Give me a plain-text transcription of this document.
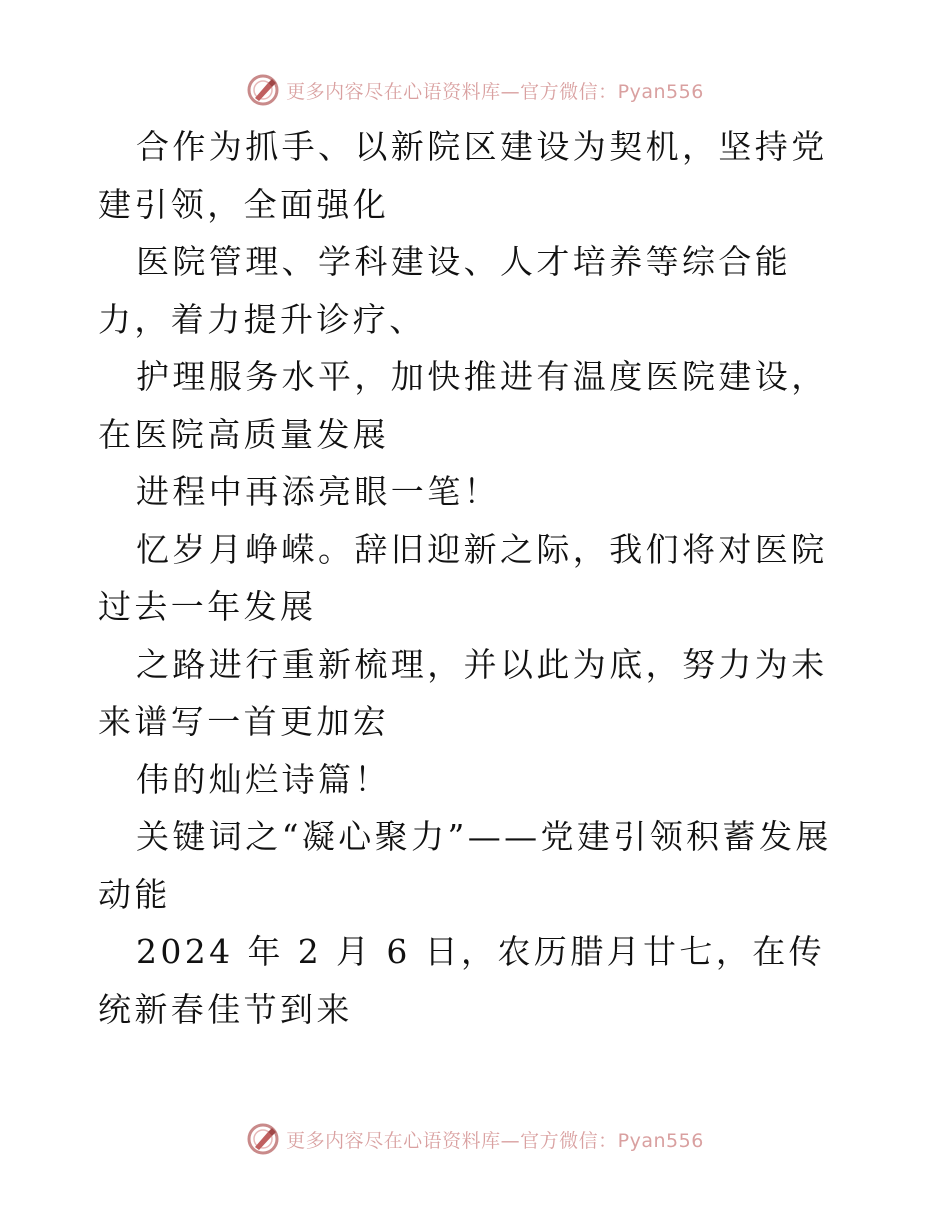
更多内容尽在心语资料库—官方微信：Pyan556

合作为抓手、以新院区建设为契机，坚持党建引领，全面强化

医院管理、学科建设、人才培养等综合能力，着力提升诊疗、

护理服务水平，加快推进有温度医院建设，在医院高质量发展

进程中再添亮眼一笔！

忆岁月峥嵘。辞旧迎新之际，我们将对医院过去一年发展

之路进行重新梳理，并以此为底，努力为未来谱写一首更加宏

伟的灿烂诗篇！

关键词之“凝心聚力”——党建引领积蓄发展动能

2024 年 2 月 6 日，农历腊月廿七，在传统新春佳节到来

更多内容尽在心语资料库—官方微信：Pyan556
